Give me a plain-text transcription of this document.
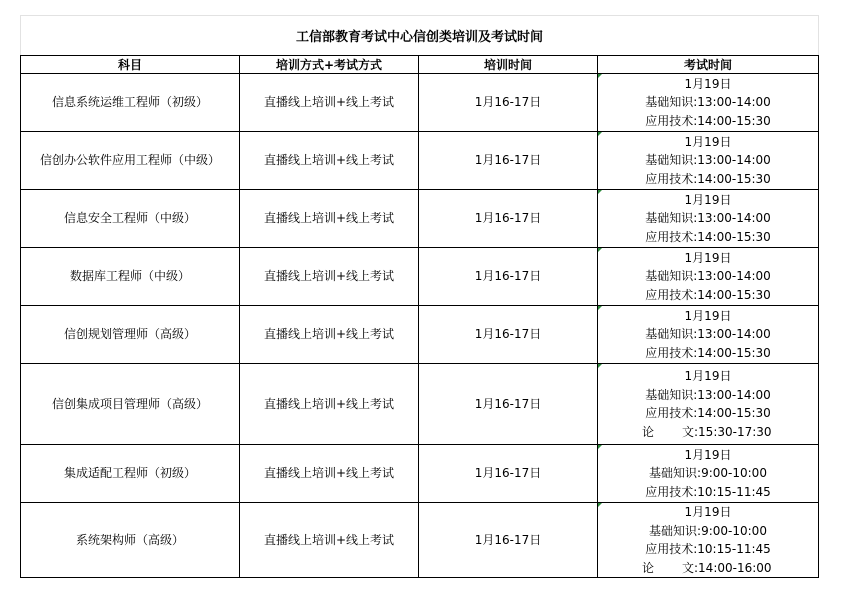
工信部教育考试中心信创类培训及考试时间			
科目	培训方式+考试方式	培训时间	考试时间
信息系统运维工程师（初级）	直播线上培训+线上考试	1月16-17日	1月19日
基础知识:13:00-14:00
应用技术:14:00-15:30

信创办公软件应用工程师（中级）	直播线上培训+线上考试	1月16-17日	1月19日
基础知识:13:00-14:00
应用技术:14:00-15:30

信息安全工程师（中级）	直播线上培训+线上考试	1月16-17日	1月19日
基础知识:13:00-14:00
应用技术:14:00-15:30

数据库工程师（中级）	直播线上培训+线上考试	1月16-17日	1月19日
基础知识:13:00-14:00
应用技术:14:00-15:30

信创规划管理师（高级）	直播线上培训+线上考试	1月16-17日	1月19日
基础知识:13:00-14:00
应用技术:14:00-15:30

信创集成项目管理师（高级）	直播线上培训+线上考试	1月16-17日	1月19日
基础知识:13:00-14:00
应用技术:14:00-15:30
论 文:15:30-17:30

集成适配工程师（初级）	直播线上培训+线上考试	1月16-17日	1月19日
基础知识:9:00-10:00
应用技术:10:15-11:45

系统架构师（高级）	直播线上培训+线上考试	1月16-17日	1月19日
基础知识:9:00-10:00
应用技术:10:15-11:45
论 文:14:00-16:00
